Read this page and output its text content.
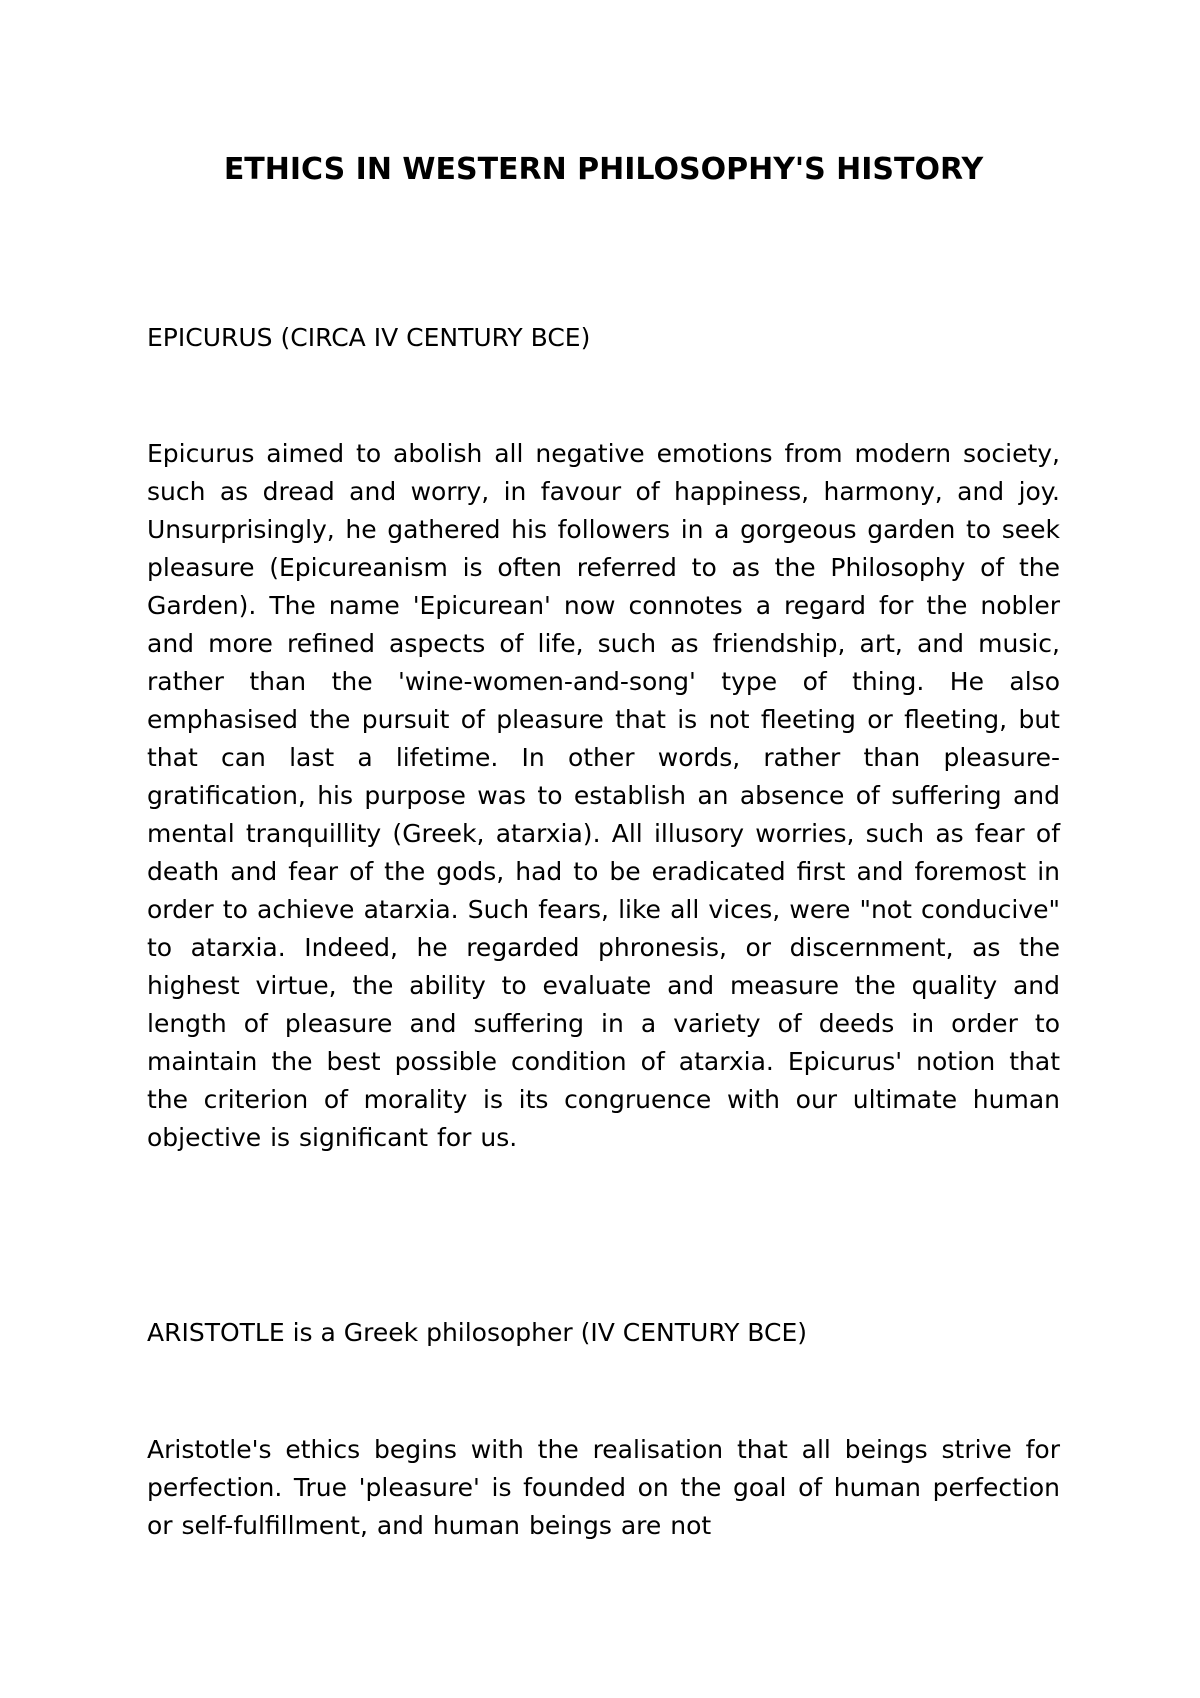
ETHICS IN WESTERN PHILOSOPHY'S HISTORY

EPICURUS (CIRCA IV CENTURY BCE)

Epicurus aimed to abolish all negative emotions from modern society, such as dread and worry, in favour of happiness, harmony, and joy. Unsurprisingly, he gathered his followers in a gorgeous garden to seek pleasure (Epicureanism is often referred to as the Philosophy of the Garden). The name 'Epicurean' now connotes a regard for the nobler and more refined aspects of life, such as friendship, art, and music, rather than the 'wine-women-and-song' type of thing. He also emphasised the pursuit of pleasure that is not fleeting or fleeting, but that can last a lifetime. In other words, rather than pleasure-gratification, his purpose was to establish an absence of suffering and mental tranquillity (Greek, atarxia). All illusory worries, such as fear of death and fear of the gods, had to be eradicated first and foremost in order to achieve atarxia. Such fears, like all vices, were "not conducive" to atarxia. Indeed, he regarded phronesis, or discernment, as the highest virtue, the ability to evaluate and measure the quality and length of pleasure and suffering in a variety of deeds in order to maintain the best possible condition of atarxia. Epicurus' notion that the criterion of morality is its congruence with our ultimate human objective is significant for us.

ARISTOTLE is a Greek philosopher (IV CENTURY BCE)

Aristotle's ethics begins with the realisation that all beings strive for perfection. True 'pleasure' is founded on the goal of human perfection or self-fulfillment, and human beings are not
